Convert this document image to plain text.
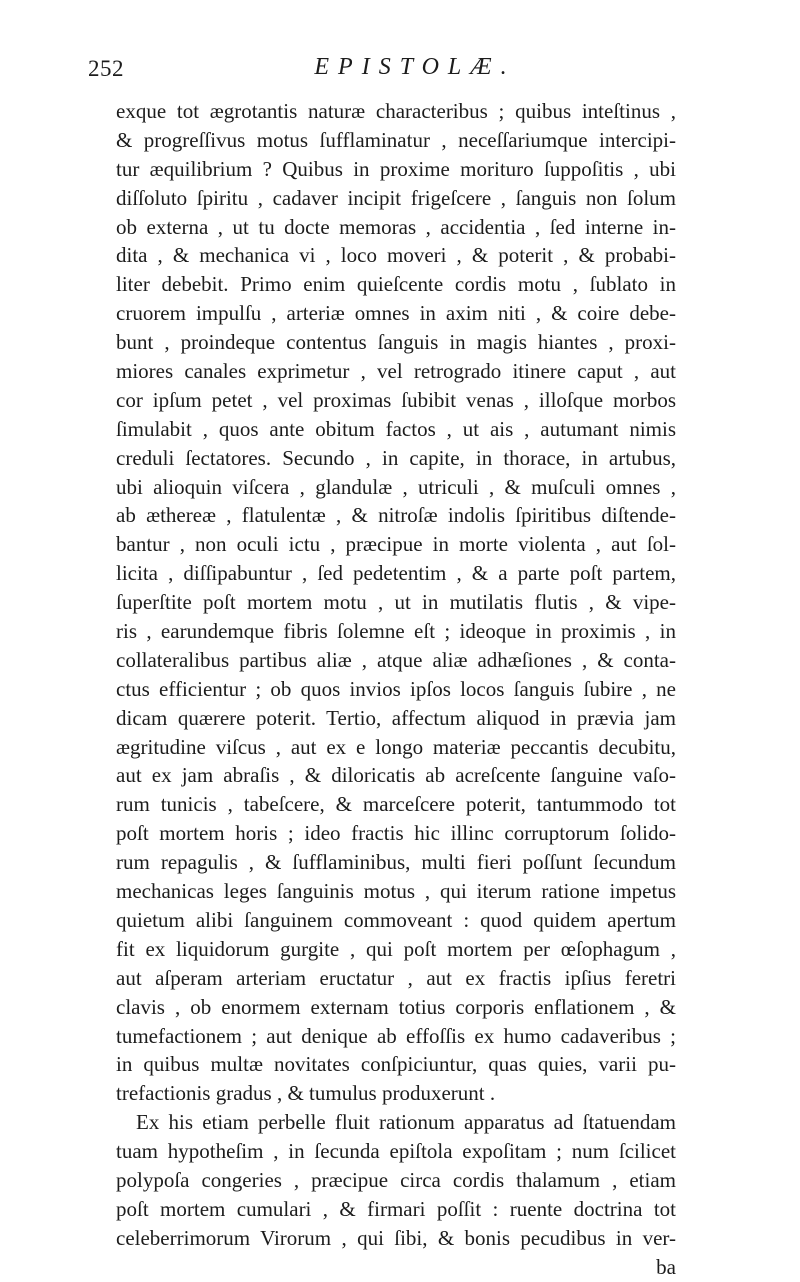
252	EPISTOLÆ.
exque tot ægrotantis naturæ characteribus ; quibus inteſtinus ,
& progreſſivus motus ſufflaminatur , neceſſariumque intercipi-
tur æquilibrium ? Quibus in proxime morituro ſuppoſitis , ubi
diſſoluto ſpiritu , cadaver incipit frigeſcere , ſanguis non ſolum
ob externa , ut tu docte memoras , accidentia , ſed interne in-
dita , & mechanica vi , loco moveri , & poterit , & probabi-
liter debebit. Primo enim quieſcente cordis motu , ſublato in
cruorem impulſu , arteriæ omnes in axim niti , & coire debe-
bunt , proindeque contentus ſanguis in magis hiantes , proxi-
miores canales exprimetur , vel retrogrado itinere caput , aut
cor ipſum petet , vel proximas ſubibit venas , illoſque morbos
ſimulabit , quos ante obitum factos , ut ais , autumant nimis
creduli ſectatores. Secundo , in capite, in thorace, in artubus,
ubi alioquin viſcera , glandulæ , utriculi , & muſculi omnes ,
ab æthereæ , flatulentæ , & nitroſæ indolis ſpiritibus diſtende-
bantur , non oculi ictu , præcipue in morte violenta , aut ſol-
licita , diſſipabuntur , ſed pedetentim , & a parte poſt partem,
ſuperſtite poſt mortem motu , ut in mutilatis flutis , & vipe-
ris , earundemque fibris ſolemne eſt ; ideoque in proximis , in
collateralibus partibus aliæ , atque aliæ adhæſiones , & conta-
ctus efficientur ; ob quos invios ipſos locos ſanguis ſubire , ne
dicam quærere poterit. Tertio, affectum aliquod in prævia jam
ægritudine viſcus , aut ex e longo materiæ peccantis decubitu,
aut ex jam abraſis , & diloricatis ab acreſcente ſanguine vaſo-
rum tunicis , tabeſcere, & marceſcere poterit, tantummodo tot
poſt mortem horis ; ideo fractis hic illinc corruptorum ſolido-
rum repagulis , & ſufflaminibus, multi fieri poſſunt ſecundum
mechanicas leges ſanguinis motus , qui iterum ratione impetus
quietum alibi ſanguinem commoveant : quod quidem apertum
fit ex liquidorum gurgite , qui poſt mortem per œſophagum ,
aut aſperam arteriam eructatur , aut ex fractis ipſius feretri
clavis , ob enormem externam totius corporis enflationem , &
tumefactionem ; aut denique ab effoſſis ex humo cadaveribus ;
in quibus multæ novitates conſpiciuntur, quas quies, varii pu-
trefactionis gradus , & tumulus produxerunt .
Ex his etiam perbelle fluit rationum apparatus ad ſtatuendam
tuam hypotheſim , in ſecunda epiſtola expoſitam ; num ſcilicet
polypoſa congeries , præcipue circa cordis thalamum , etiam
poſt mortem cumulari , & firmari poſſit : ruente doctrina tot
celeberrimorum Virorum , qui ſibi, & bonis pecudibus in ver-
ba
